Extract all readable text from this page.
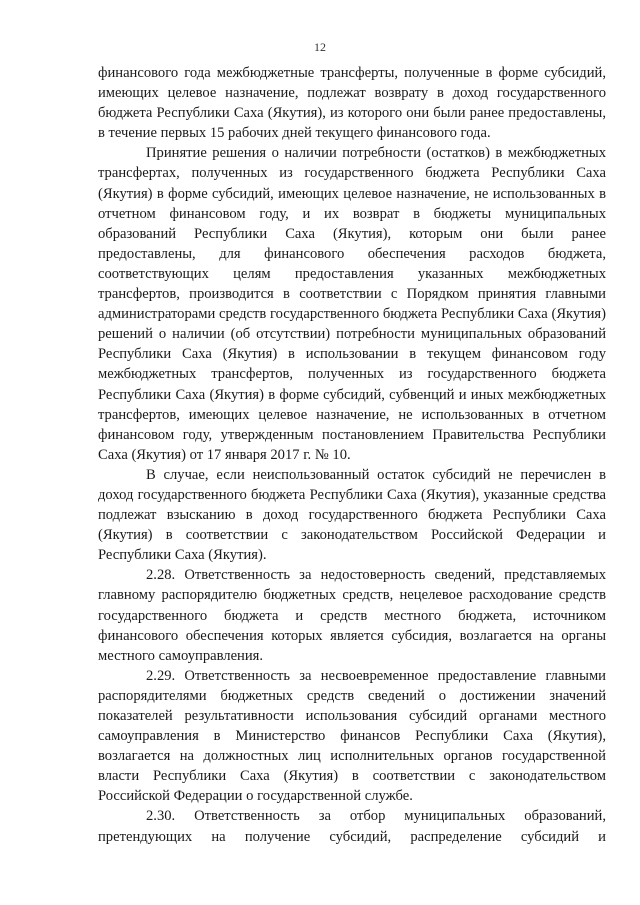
12

финансового года межбюджетные трансферты, полученные в форме субсидий, имеющих целевое назначение, подлежат возврату в доход государственного бюджета Республики Саха (Якутия), из которого они были ранее предоставлены, в течение первых 15 рабочих дней текущего финансового года.

Принятие решения о наличии потребности (остатков) в межбюджетных трансфертах, полученных из государственного бюджета Республики Саха (Якутия) в форме субсидий, имеющих целевое назначение, не использованных в отчетном финансовом году, и их возврат в бюджеты муниципальных образований Республики Саха (Якутия), которым они были ранее предоставлены, для финансового обеспечения расходов бюджета, соответствующих целям предоставления указанных межбюджетных трансфертов, производится в соответствии с Порядком принятия главными администраторами средств государственного бюджета Республики Саха (Якутия) решений о наличии (об отсутствии) потребности муниципальных образований Республики Саха (Якутия) в использовании в текущем финансовом году межбюджетных трансфертов, полученных из государственного бюджета Республики Саха (Якутия) в форме субсидий, субвенций и иных межбюджетных трансфертов, имеющих целевое назначение, не использованных в отчетном финансовом году, утвержденным постановлением Правительства Республики Саха (Якутия) от 17 января 2017 г. № 10.

В случае, если неиспользованный остаток субсидий не перечислен в доход государственного бюджета Республики Саха (Якутия), указанные средства подлежат взысканию в доход государственного бюджета Республики Саха (Якутия) в соответствии с законодательством Российской Федерации и Республики Саха (Якутия).

2.28. Ответственность за недостоверность сведений, представляемых главному распорядителю бюджетных средств, нецелевое расходование средств государственного бюджета и средств местного бюджета, источником финансового обеспечения которых является субсидия, возлагается на органы местного самоуправления.

2.29. Ответственность за несвоевременное предоставление главными распорядителями бюджетных средств сведений о достижении значений показателей результативности использования субсидий органами местного самоуправления в Министерство финансов Республики Саха (Якутия), возлагается на должностных лиц исполнительных органов государственной власти Республики Саха (Якутия) в соответствии с законодательством Российской Федерации о государственной службе.

2.30. Ответственность за отбор муниципальных образований, претендующих на получение субсидий, распределение субсидий и
